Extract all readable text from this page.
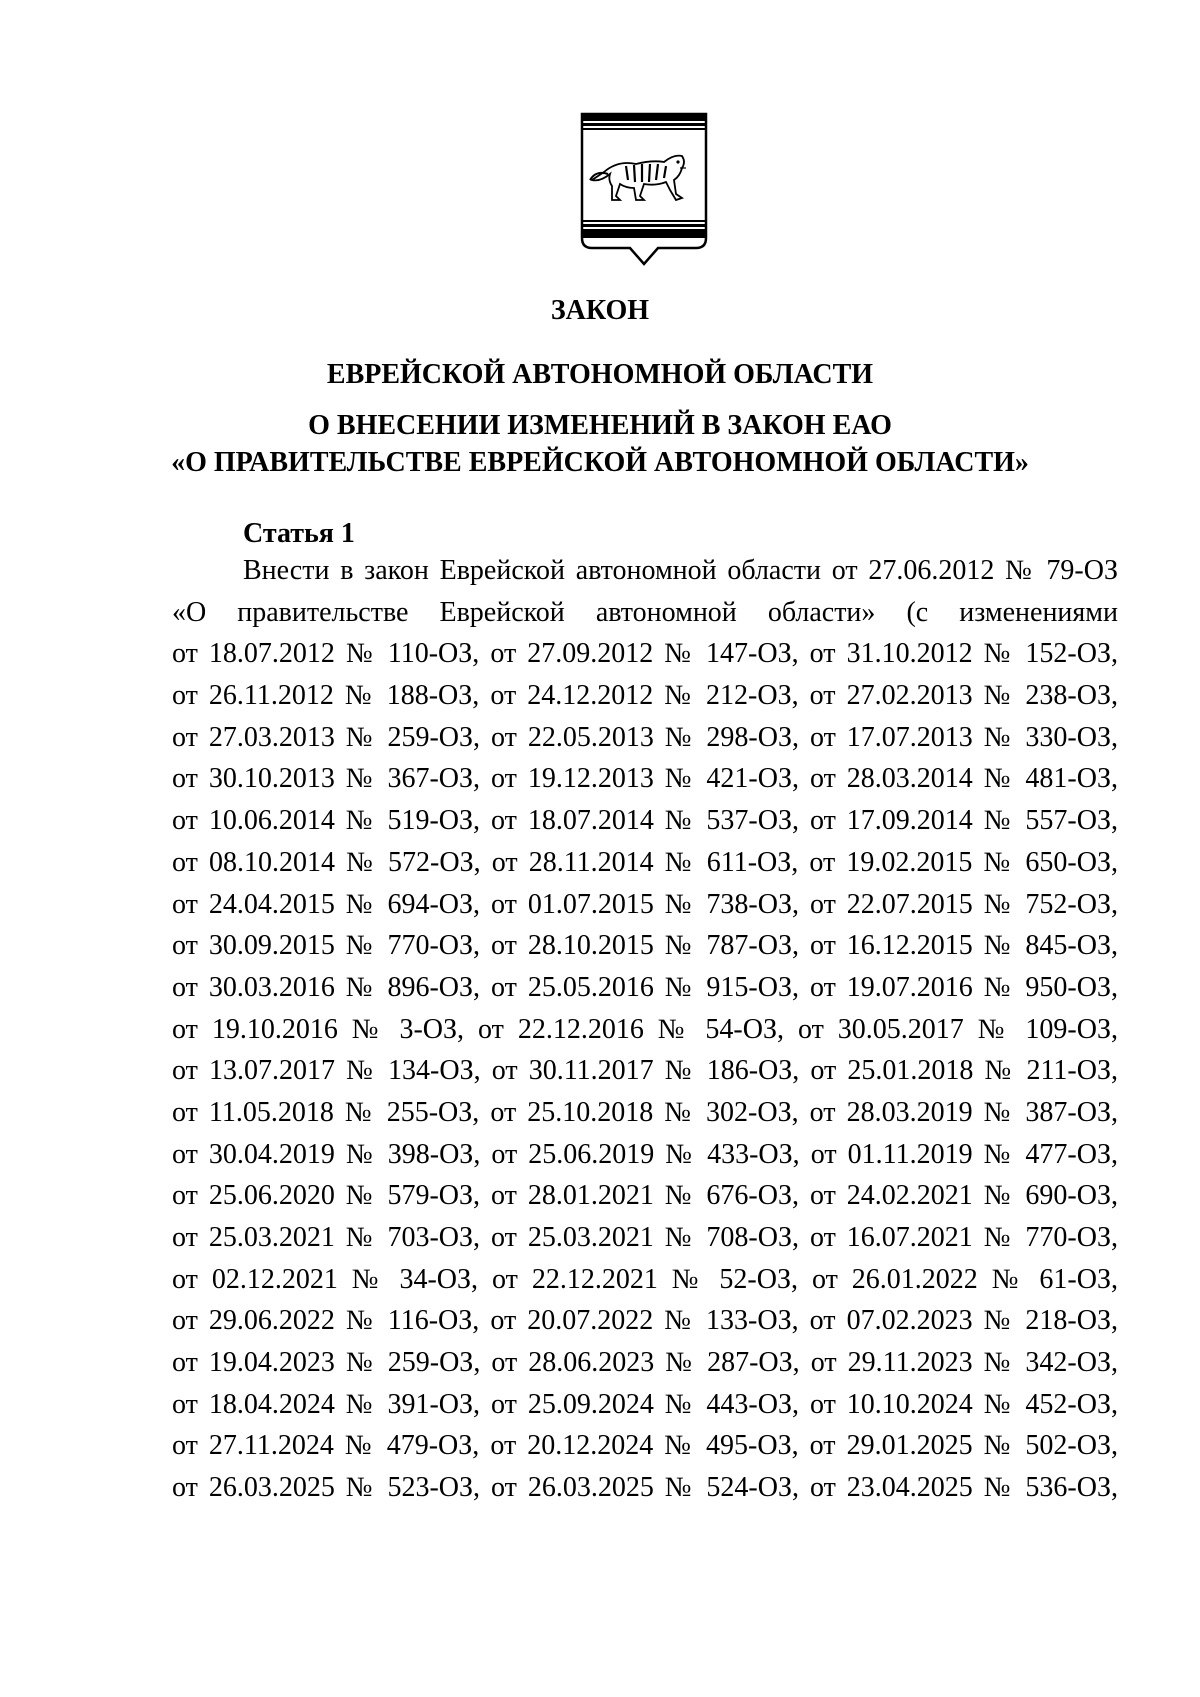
ЗАКОН
ЕВРЕЙСКОЙ АВТОНОМНОЙ ОБЛАСТИ
О ВНЕСЕНИИ ИЗМЕНЕНИЙ В ЗАКОН ЕАО
«О ПРАВИТЕЛЬСТВЕ ЕВРЕЙСКОЙ АВТОНОМНОЙ ОБЛАСТИ»
Статья 1
Внести в закон Еврейской автономной области от 27.06.2012 № 79-ОЗ
«О правительстве Еврейской автономной области» (с изменениями
от 18.07.2012 № 110-ОЗ, от 27.09.2012 № 147-ОЗ, от 31.10.2012 № 152-ОЗ,
от 26.11.2012 № 188-ОЗ, от 24.12.2012 № 212-ОЗ, от 27.02.2013 № 238-ОЗ,
от 27.03.2013 № 259-ОЗ, от 22.05.2013 № 298-ОЗ, от 17.07.2013 № 330-ОЗ,
от 30.10.2013 № 367-ОЗ, от 19.12.2013 № 421-ОЗ, от 28.03.2014 № 481-ОЗ,
от 10.06.2014 № 519-ОЗ, от 18.07.2014 № 537-ОЗ, от 17.09.2014 № 557-ОЗ,
от 08.10.2014 № 572-ОЗ, от 28.11.2014 № 611-ОЗ, от 19.02.2015 № 650-ОЗ,
от 24.04.2015 № 694-ОЗ, от 01.07.2015 № 738-ОЗ, от 22.07.2015 № 752-ОЗ,
от 30.09.2015 № 770-ОЗ, от 28.10.2015 № 787-ОЗ, от 16.12.2015 № 845-ОЗ,
от 30.03.2016 № 896-ОЗ, от 25.05.2016 № 915-ОЗ, от 19.07.2016 № 950-ОЗ,
от 19.10.2016 № 3-ОЗ, от 22.12.2016 № 54-ОЗ, от 30.05.2017 № 109-ОЗ,
от 13.07.2017 № 134-ОЗ, от 30.11.2017 № 186-ОЗ, от 25.01.2018 № 211-ОЗ,
от 11.05.2018 № 255-ОЗ, от 25.10.2018 № 302-ОЗ, от 28.03.2019 № 387-ОЗ,
от 30.04.2019 № 398-ОЗ, от 25.06.2019 № 433-ОЗ, от 01.11.2019 № 477-ОЗ,
от 25.06.2020 № 579-ОЗ, от 28.01.2021 № 676-ОЗ, от 24.02.2021 № 690-ОЗ,
от 25.03.2021 № 703-ОЗ, от 25.03.2021 № 708-ОЗ, от 16.07.2021 № 770-ОЗ,
от 02.12.2021 № 34-ОЗ, от 22.12.2021 № 52-ОЗ, от 26.01.2022 № 61-ОЗ,
от 29.06.2022 № 116-ОЗ, от 20.07.2022 № 133-ОЗ, от 07.02.2023 № 218-ОЗ,
от 19.04.2023 № 259-ОЗ, от 28.06.2023 № 287-ОЗ, от 29.11.2023 № 342-ОЗ,
от 18.04.2024 № 391-ОЗ, от 25.09.2024 № 443-ОЗ, от 10.10.2024 № 452-ОЗ,
от 27.11.2024 № 479-ОЗ, от 20.12.2024 № 495-ОЗ, от 29.01.2025 № 502-ОЗ,
от 26.03.2025 № 523-ОЗ, от 26.03.2025 № 524-ОЗ, от 23.04.2025 № 536-ОЗ,
